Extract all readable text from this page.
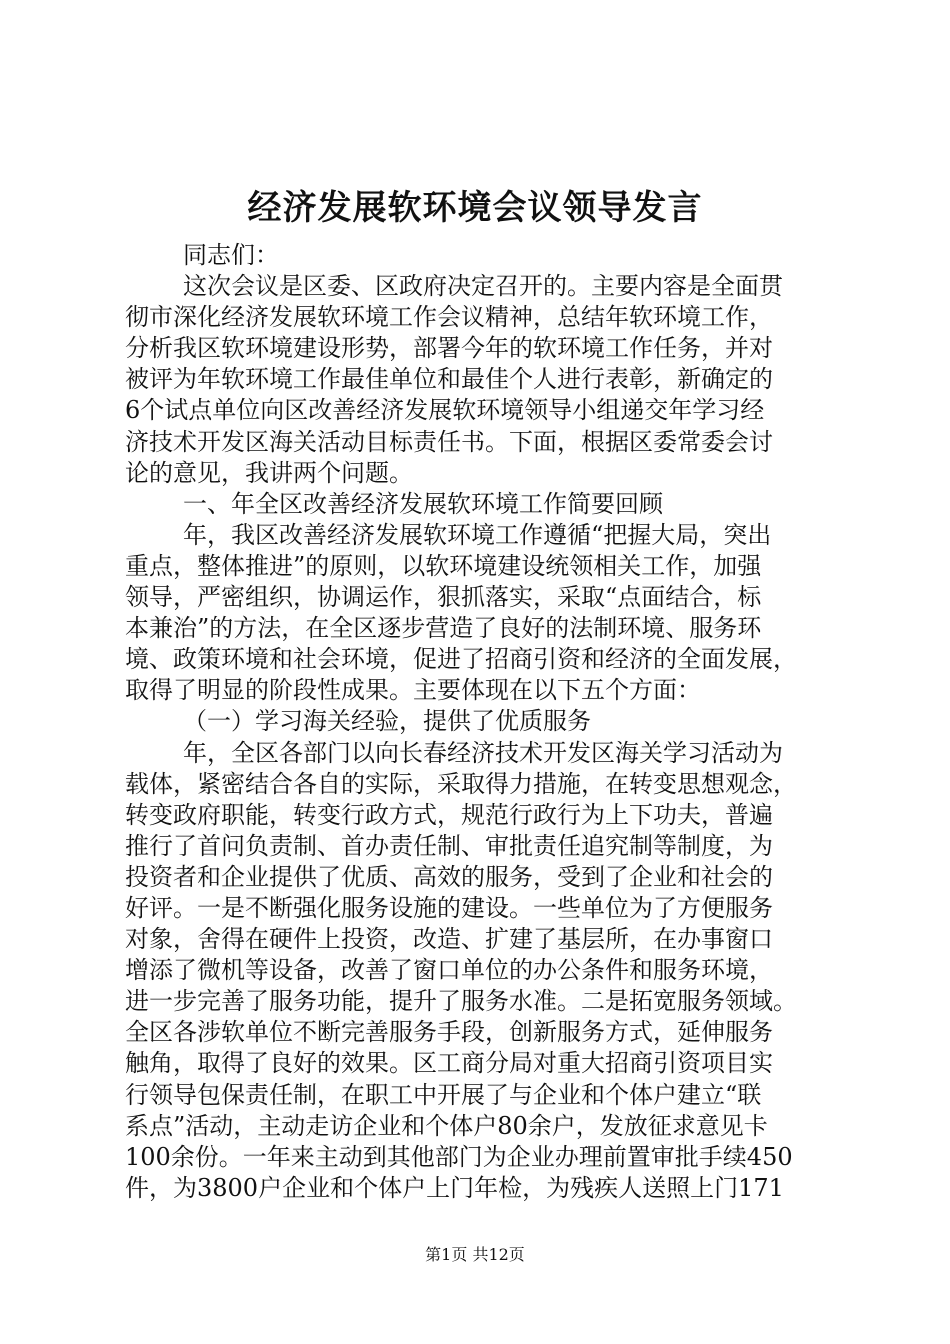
经济发展软环境会议领导发言
同志们：
这次会议是区委、区政府决定召开的。主要内容是全面贯
彻市深化经济发展软环境工作会议精神，总结年软环境工作，
分析我区软环境建设形势，部署今年的软环境工作任务，并对
被评为年软环境工作最佳单位和最佳个人进行表彰，新确定的
6个试点单位向区改善经济发展软环境领导小组递交年学习经
济技术开发区海关活动目标责任书。下面，根据区委常委会讨
论的意见，我讲两个问题。
一、年全区改善经济发展软环境工作简要回顾
年，我区改善经济发展软环境工作遵循“把握大局，突出
重点，整体推进”的原则，以软环境建设统领相关工作，加强
领导，严密组织，协调运作，狠抓落实，采取“点面结合，标
本兼治”的方法，在全区逐步营造了良好的法制环境、服务环
境、政策环境和社会环境，促进了招商引资和经济的全面发展，
取得了明显的阶段性成果。主要体现在以下五个方面：
（一）学习海关经验，提供了优质服务
年，全区各部门以向长春经济技术开发区海关学习活动为
载体，紧密结合各自的实际，采取得力措施，在转变思想观念，
转变政府职能，转变行政方式，规范行政行为上下功夫，普遍
推行了首问负责制、首办责任制、审批责任追究制等制度，为
投资者和企业提供了优质、高效的服务，受到了企业和社会的
好评。一是不断强化服务设施的建设。一些单位为了方便服务
对象，舍得在硬件上投资，改造、扩建了基层所，在办事窗口
增添了微机等设备，改善了窗口单位的办公条件和服务环境，
进一步完善了服务功能，提升了服务水准。二是拓宽服务领域。
全区各涉软单位不断完善服务手段，创新服务方式，延伸服务
触角，取得了良好的效果。区工商分局对重大招商引资项目实
行领导包保责任制，在职工中开展了与企业和个体户建立“联
系点”活动，主动走访企业和个体户80余户，发放征求意见卡
100余份。一年来主动到其他部门为企业办理前置审批手续450
件，为3800户企业和个体户上门年检，为残疾人送照上门171
第1页 共12页
